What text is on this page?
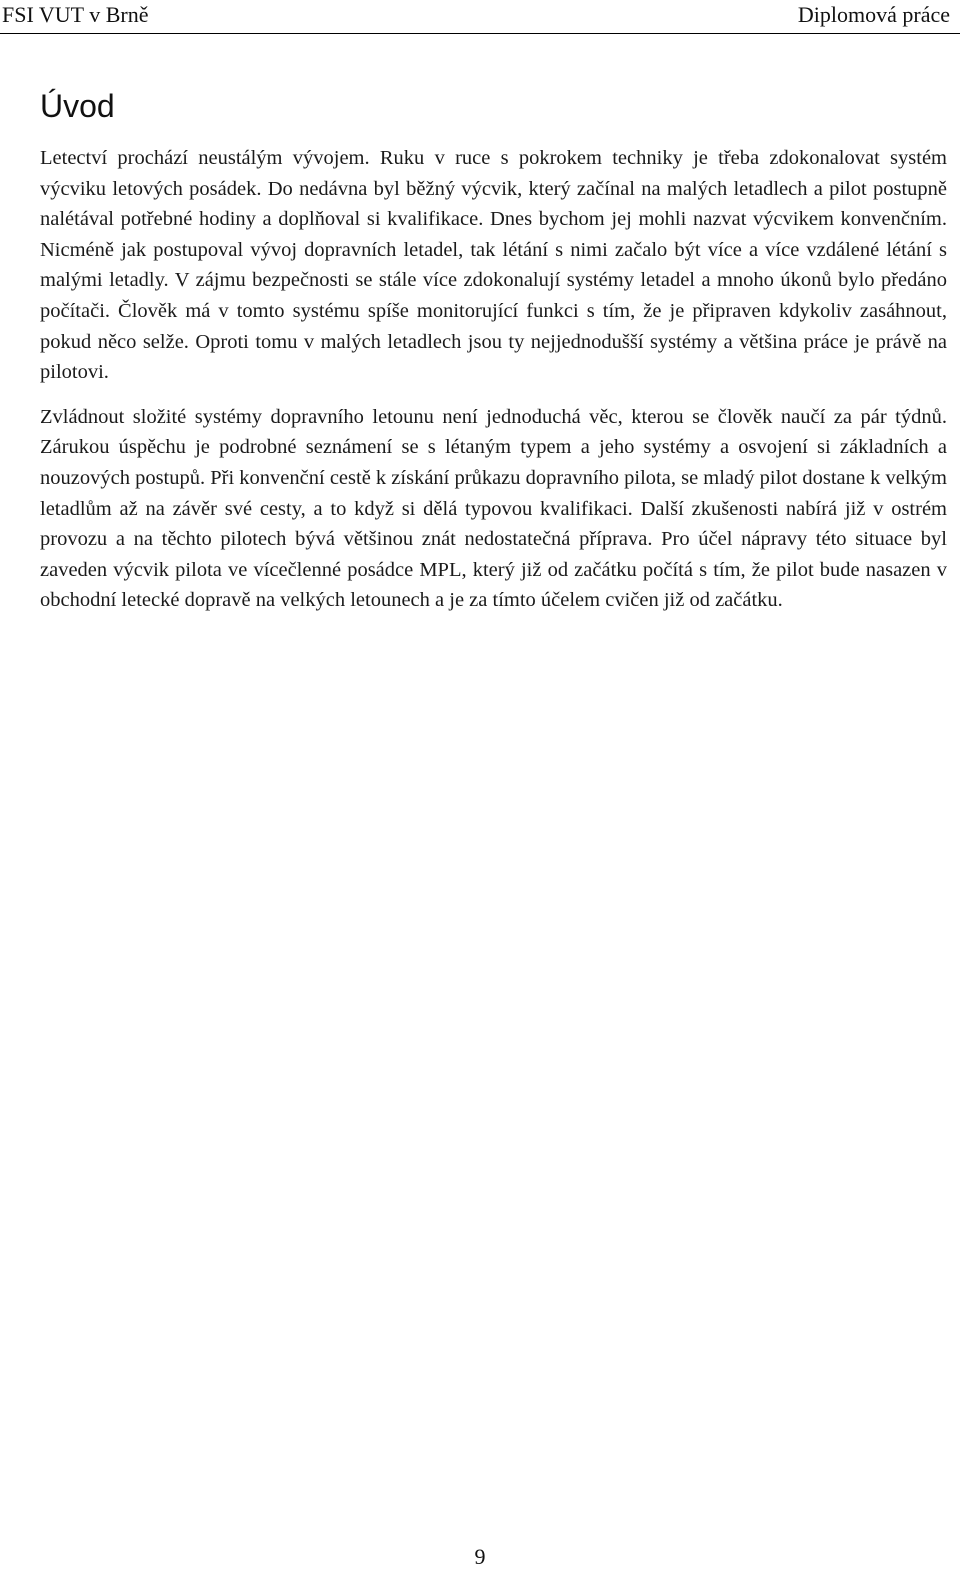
FSI VUT v Brně	Diplomová práce
Úvod

Letectví prochází neustálým vývojem. Ruku v ruce s pokrokem techniky je třeba zdokonalovat systém výcviku letových posádek. Do nedávna byl běžný výcvik, který začínal na malých letadlech a pilot postupně nalétával potřebné hodiny a doplňoval si kvalifikace. Dnes bychom jej mohli nazvat výcvikem konvenčním. Nicméně jak postupoval vývoj dopravních letadel, tak létání s nimi začalo být více a více vzdálené létání s malými letadly. V zájmu bezpečnosti se stále více zdokonalují systémy letadel a mnoho úkonů bylo předáno počítači. Člověk má v tomto systému spíše monitorující funkci s tím, že je připraven kdykoliv zasáhnout, pokud něco selže. Oproti tomu v malých letadlech jsou ty nejjednodušší systémy a většina práce je právě na pilotovi.

Zvládnout složité systémy dopravního letounu není jednoduchá věc, kterou se člověk naučí za pár týdnů. Zárukou úspěchu je podrobné seznámení se s létaným typem a jeho systémy a osvojení si základních a nouzových postupů. Při konvenční cestě k získání průkazu dopravního pilota, se mladý pilot dostane k velkým letadlům až na závěr své cesty, a to když si dělá typovou kvalifikaci. Další zkušenosti nabírá již v ostrém provozu a na těchto pilotech bývá většinou znát nedostatečná příprava. Pro účel nápravy této situace byl zaveden výcvik pilota ve vícečlenné posádce MPL, který již od začátku počítá s tím, že pilot bude nasazen v obchodní letecké dopravě na velkých letounech a je za tímto účelem cvičen již od začátku.

9
